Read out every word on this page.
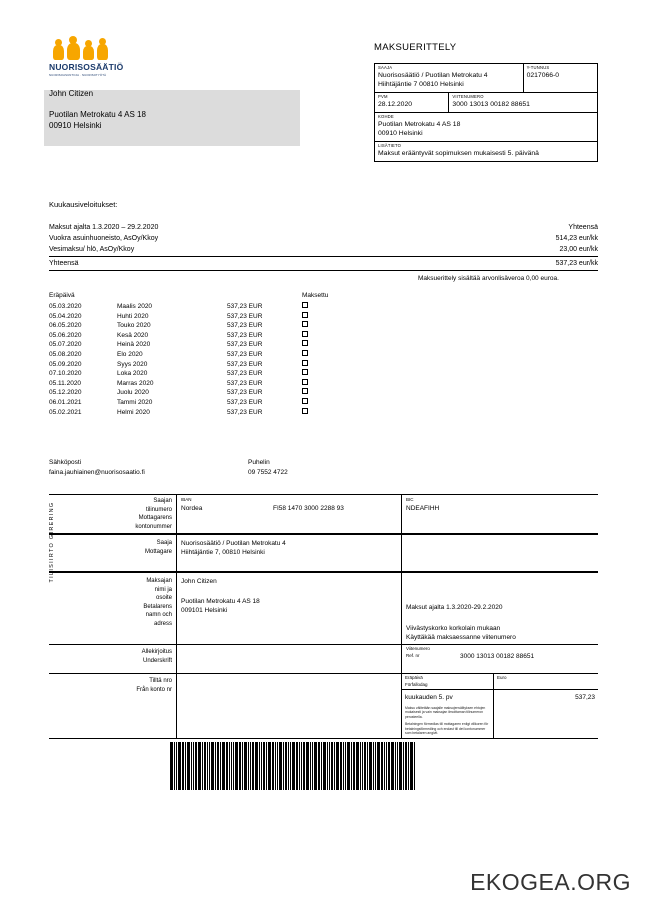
NUORISOSÄÄTIÖ
NUORISOASUNTOJA · NUORISOTYÖTÄ
John Citizen
Puotilan Metrokatu 4 AS 18
00910 Helsinki
MAKSUERITTELY
SAAJA
Nuorisosäätiö / Puotilan Metrokatu 4
Hiihtäjäntie 7 00810 Helsinki
Y-TUNNUS
0217066-0
PVM
28.12.2020
VIITENUMERO
3000 13013 00182 88651
KOHDE
Puotilan Metrokatu 4 AS 18
00910 Helsinki
LISÄTIETO
Maksut erääntyvät sopimuksen mukaisesti 5. päivänä
Kuukausiveloitukset:
Maksut ajalta 1.3.2020 – 29.2.2020	Yhteensä
Vuokra asuinhuoneisto, AsOy/Kkoy	514,23 eur/kk
Vesimaksu/ hlö, AsOy/Kkoy	23,00 eur/kk
Yhteensä	537,23 eur/kk
Maksuerittely sisältää arvonlisäveroa 0,00 euroa.
Eräpäivä	Maksettu
05.03.2020	Maalis 2020	537,23 EUR
05.04.2020	Huhti 2020	537,23 EUR
06.05.2020	Touko 2020	537,23 EUR
05.06.2020	Kesä 2020	537,23 EUR
05.07.2020	Heinä 2020	537,23 EUR
05.08.2020	Elo 2020	537,23 EUR
05.09.2020	Syys 2020	537,23 EUR
07.10.2020	Loka 2020	537,23 EUR
05.11.2020	Marras 2020	537,23 EUR
05.12.2020	Juolu 2020	537,23 EUR
06.01.2021	Tammi 2020	537,23 EUR
05.02.2021	Helmi 2020	537,23 EUR
Sähköposti
faina.jauhiainen@nuorisosaatio.fi
Puhelin
09 7552 4722
Saajan
tilinumero
Mottagarens
kontonummer
IBAN
Nordea	FI58 1470 3000 2288 93
BIC
NDEAFIHH
Saaja
Mottagare
Nuorisosäätiö / Puotilan Metrokatu 4
Hiihtäjäntie 7, 00810 Helsinki
Maksajan
nimi ja
osoite
Betalarens
namn och
adress
John Citizen
Puotilan Metrokatu 4 AS 18
009101 Helsinki	Maksut ajalta 1.3.2020-29.2.2020
Viivästyskorko korkolain mukaan
Käyttäkää maksaessanne viitenumero
Allekirjoitus
Underskrift
Viitenumero
Ref. nr	3000 13013 00182 88651
Tilltä nro
Från konto nr
Eräpäivä
Förfallodag
Euro
kuukauden 5. pv
Maksu välitetään saajalle maksujenvälityksen ehtojen mukaisesti ja vain maksajan ilmoittaman tilinumeron perusteella.
Betalningen förmedlas till mottagaren enligt villkoren för betalningsförmedling och endast till det kontonummer som betalaren angivit.
537,23
TILISIIRTO GIRERING
EKOGEA.ORG
